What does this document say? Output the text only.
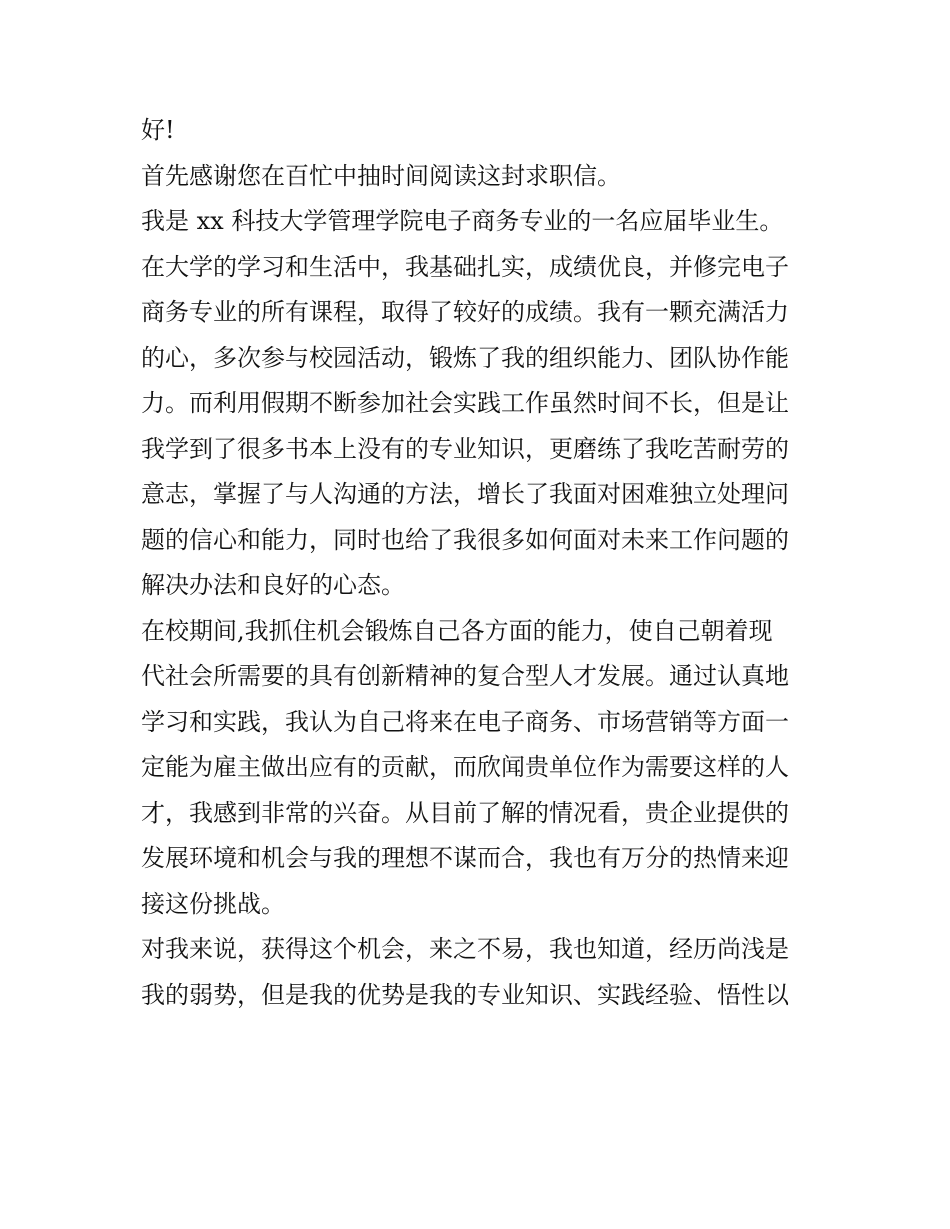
好!

首先感谢您在百忙中抽时间阅读这封求职信。

我是 xx 科技大学管理学院电子商务专业的一名应届毕业生。

在大学的学习和生活中，我基础扎实，成绩优良，并修完电子
商务专业的所有课程，取得了较好的成绩。我有一颗充满活力
的心，多次参与校园活动，锻炼了我的组织能力、团队协作能
力。而利用假期不断参加社会实践工作虽然时间不长，但是让
我学到了很多书本上没有的专业知识，更磨练了我吃苦耐劳的
意志，掌握了与人沟通的方法，增长了我面对困难独立处理问
题的信心和能力，同时也给了我很多如何面对未来工作问题的
解决办法和良好的心态。

在校期间,我抓住机会锻炼自己各方面的能力，使自己朝着现
代社会所需要的具有创新精神的复合型人才发展。通过认真地
学习和实践，我认为自己将来在电子商务、市场营销等方面一
定能为雇主做出应有的贡献，而欣闻贵单位作为需要这样的人
才，我感到非常的兴奋。从目前了解的情况看，贵企业提供的
发展环境和机会与我的理想不谋而合，我也有万分的热情来迎
接这份挑战。

对我来说，获得这个机会，来之不易，我也知道，经历尚浅是
我的弱势，但是我的优势是我的专业知识、实践经验、悟性以
